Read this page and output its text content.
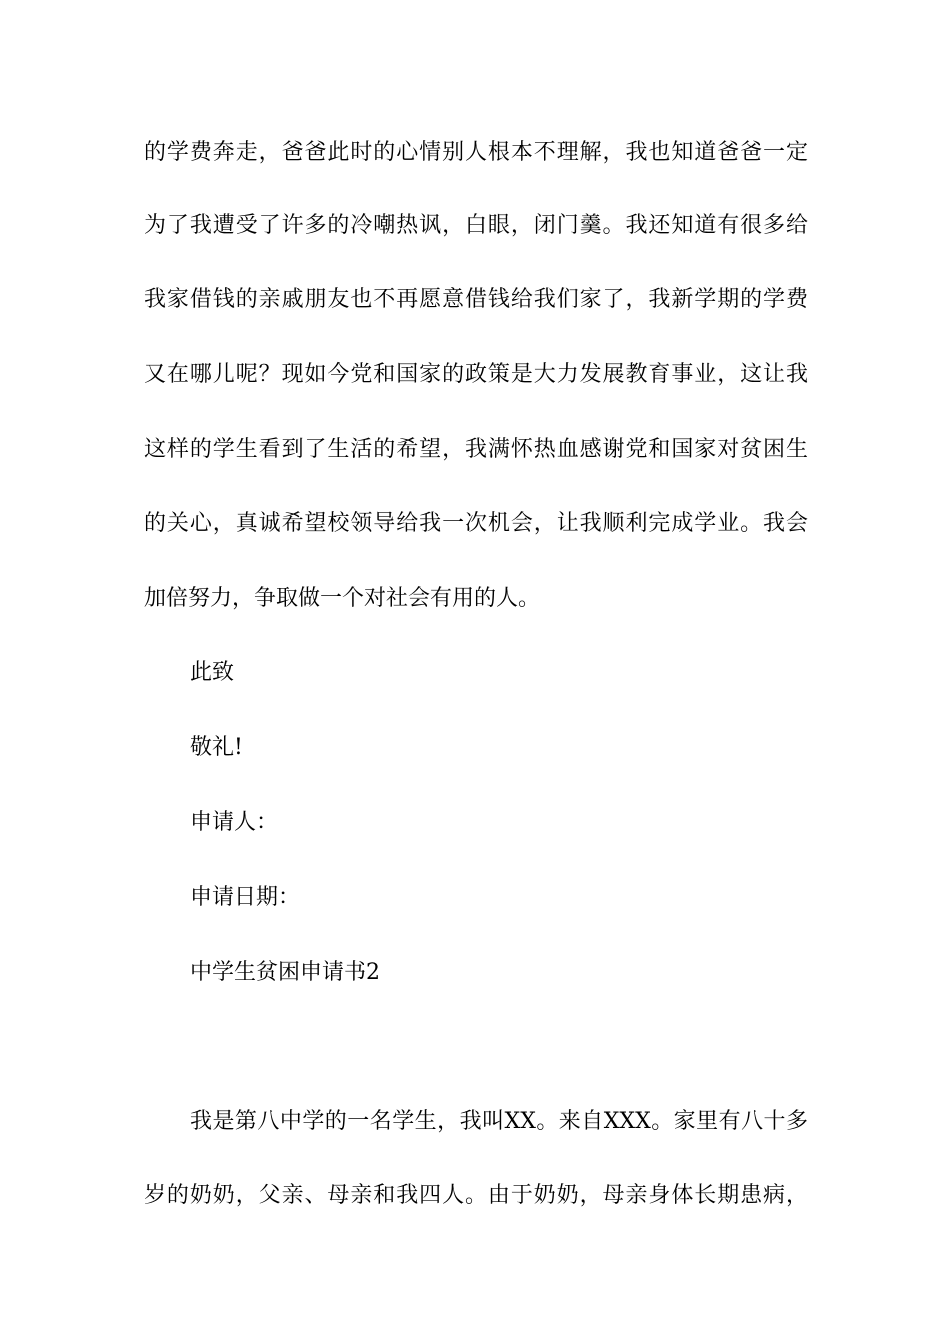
的学费奔走，爸爸此时的心情别人根本不理解，我也知道爸爸一定
为了我遭受了许多的冷嘲热讽，白眼，闭门羹。我还知道有很多给
我家借钱的亲戚朋友也不再愿意借钱给我们家了，我新学期的学费
又在哪儿呢？现如今党和国家的政策是大力发展教育事业，这让我
这样的学生看到了生活的希望，我满怀热血感谢党和国家对贫困生
的关心，真诚希望校领导给我一次机会，让我顺利完成学业。我会
加倍努力，争取做一个对社会有用的人。
此致
敬礼!
申请人：
申请日期：
中学生贫困申请书2
我是第八中学的一名学生，我叫XX。来自XXX。家里有八十多
岁的奶奶，父亲、母亲和我四人。由于奶奶，母亲身体长期患病，
